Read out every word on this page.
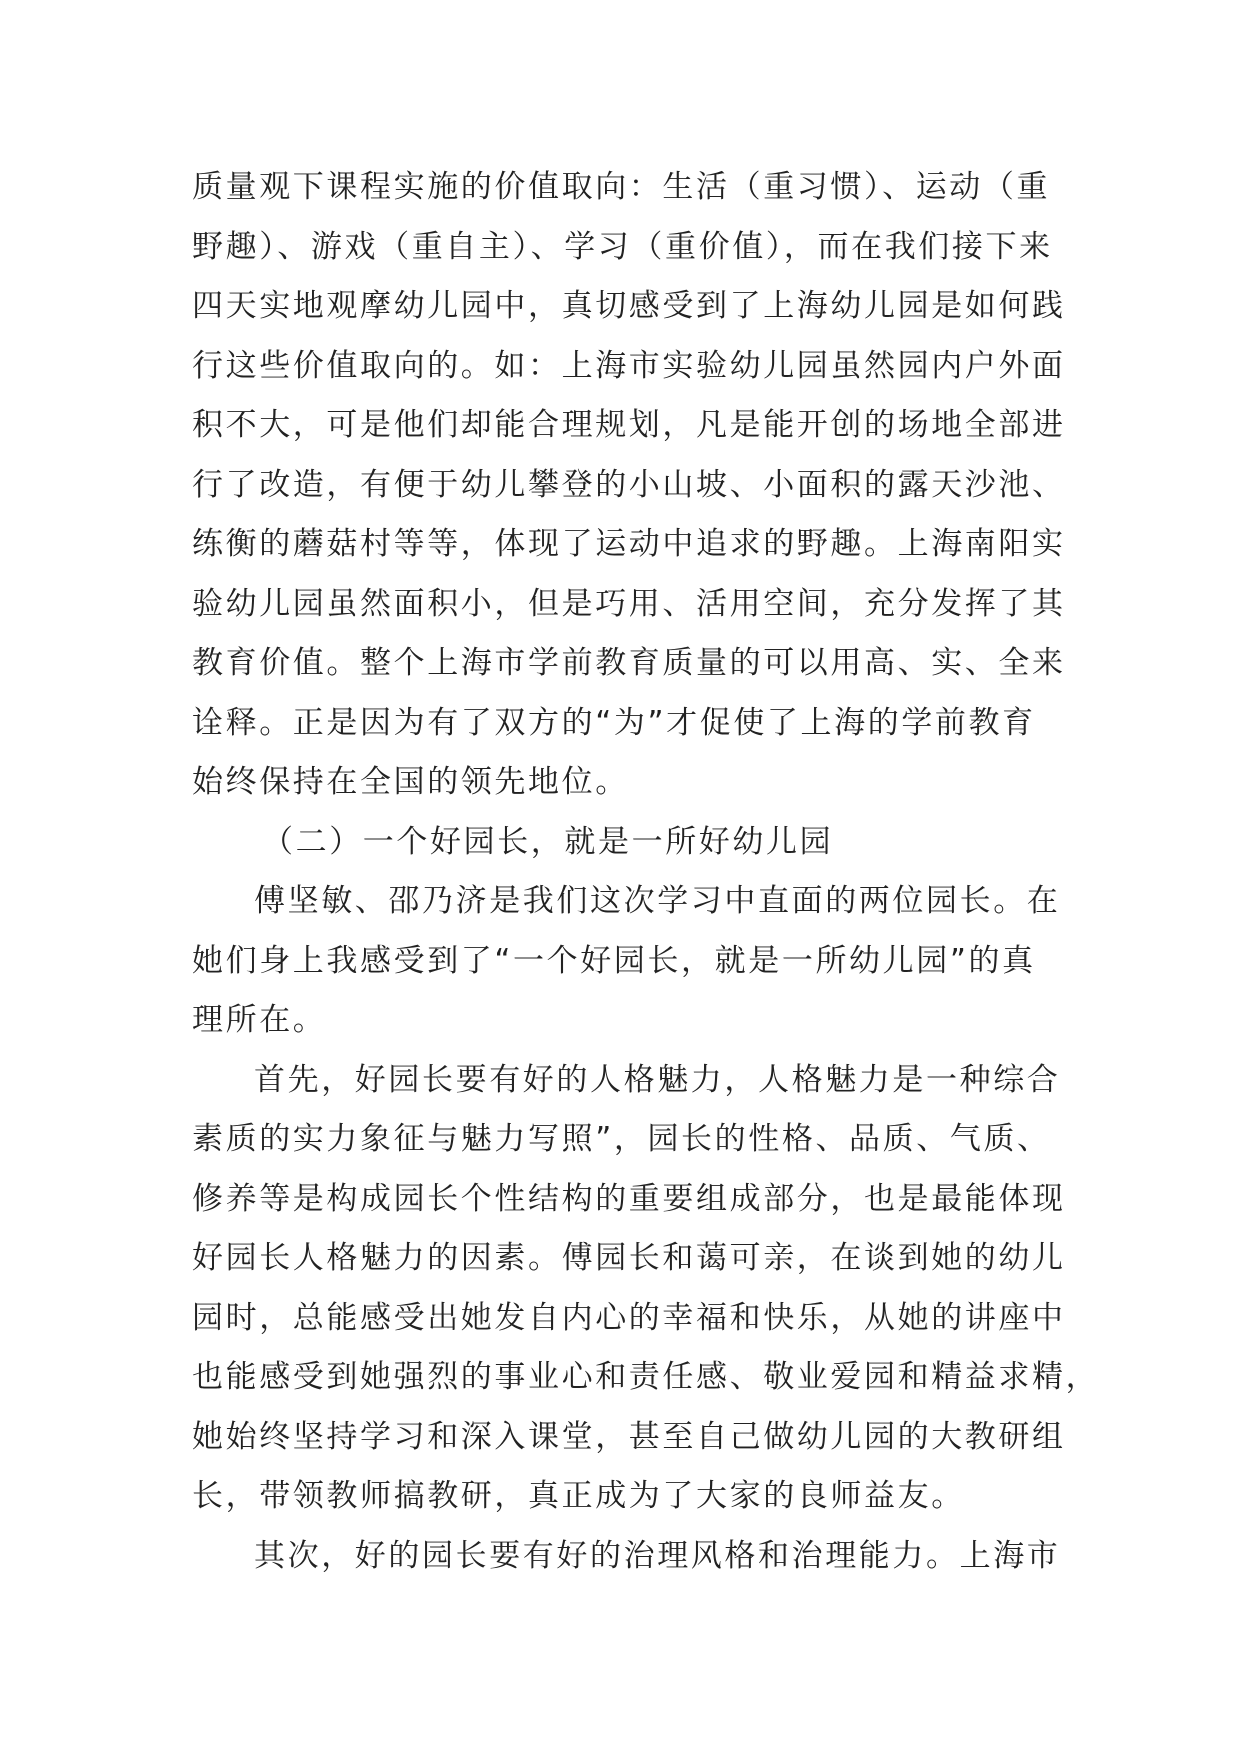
质量观下课程实施的价值取向：生活（重习惯）、运动（重
野趣）、游戏（重自主）、学习（重价值），而在我们接下来
四天实地观摩幼儿园中，真切感受到了上海幼儿园是如何践
行这些价值取向的。如：上海市实验幼儿园虽然园内户外面
积不大，可是他们却能合理规划，凡是能开创的场地全部进
行了改造，有便于幼儿攀登的小山坡、小面积的露天沙池、
练衡的蘑菇村等等，体现了运动中追求的野趣。上海南阳实
验幼儿园虽然面积小，但是巧用、活用空间，充分发挥了其
教育价值。整个上海市学前教育质量的可以用高、实、全来
诠释。正是因为有了双方的“为”才促使了上海的学前教育
始终保持在全国的领先地位。
（二）一个好园长，就是一所好幼儿园
傅坚敏、邵乃济是我们这次学习中直面的两位园长。在
她们身上我感受到了“一个好园长，就是一所幼儿园”的真
理所在。
首先，好园长要有好的人格魅力，人格魅力是一种综合
素质的实力象征与魅力写照”，园长的性格、品质、气质、
修养等是构成园长个性结构的重要组成部分，也是最能体现
好园长人格魅力的因素。傅园长和蔼可亲，在谈到她的幼儿
园时，总能感受出她发自内心的幸福和快乐，从她的讲座中
也能感受到她强烈的事业心和责任感、敬业爱园和精益求精，
她始终坚持学习和深入课堂，甚至自己做幼儿园的大教研组
长，带领教师搞教研，真正成为了大家的良师益友。
其次，好的园长要有好的治理风格和治理能力。上海市
